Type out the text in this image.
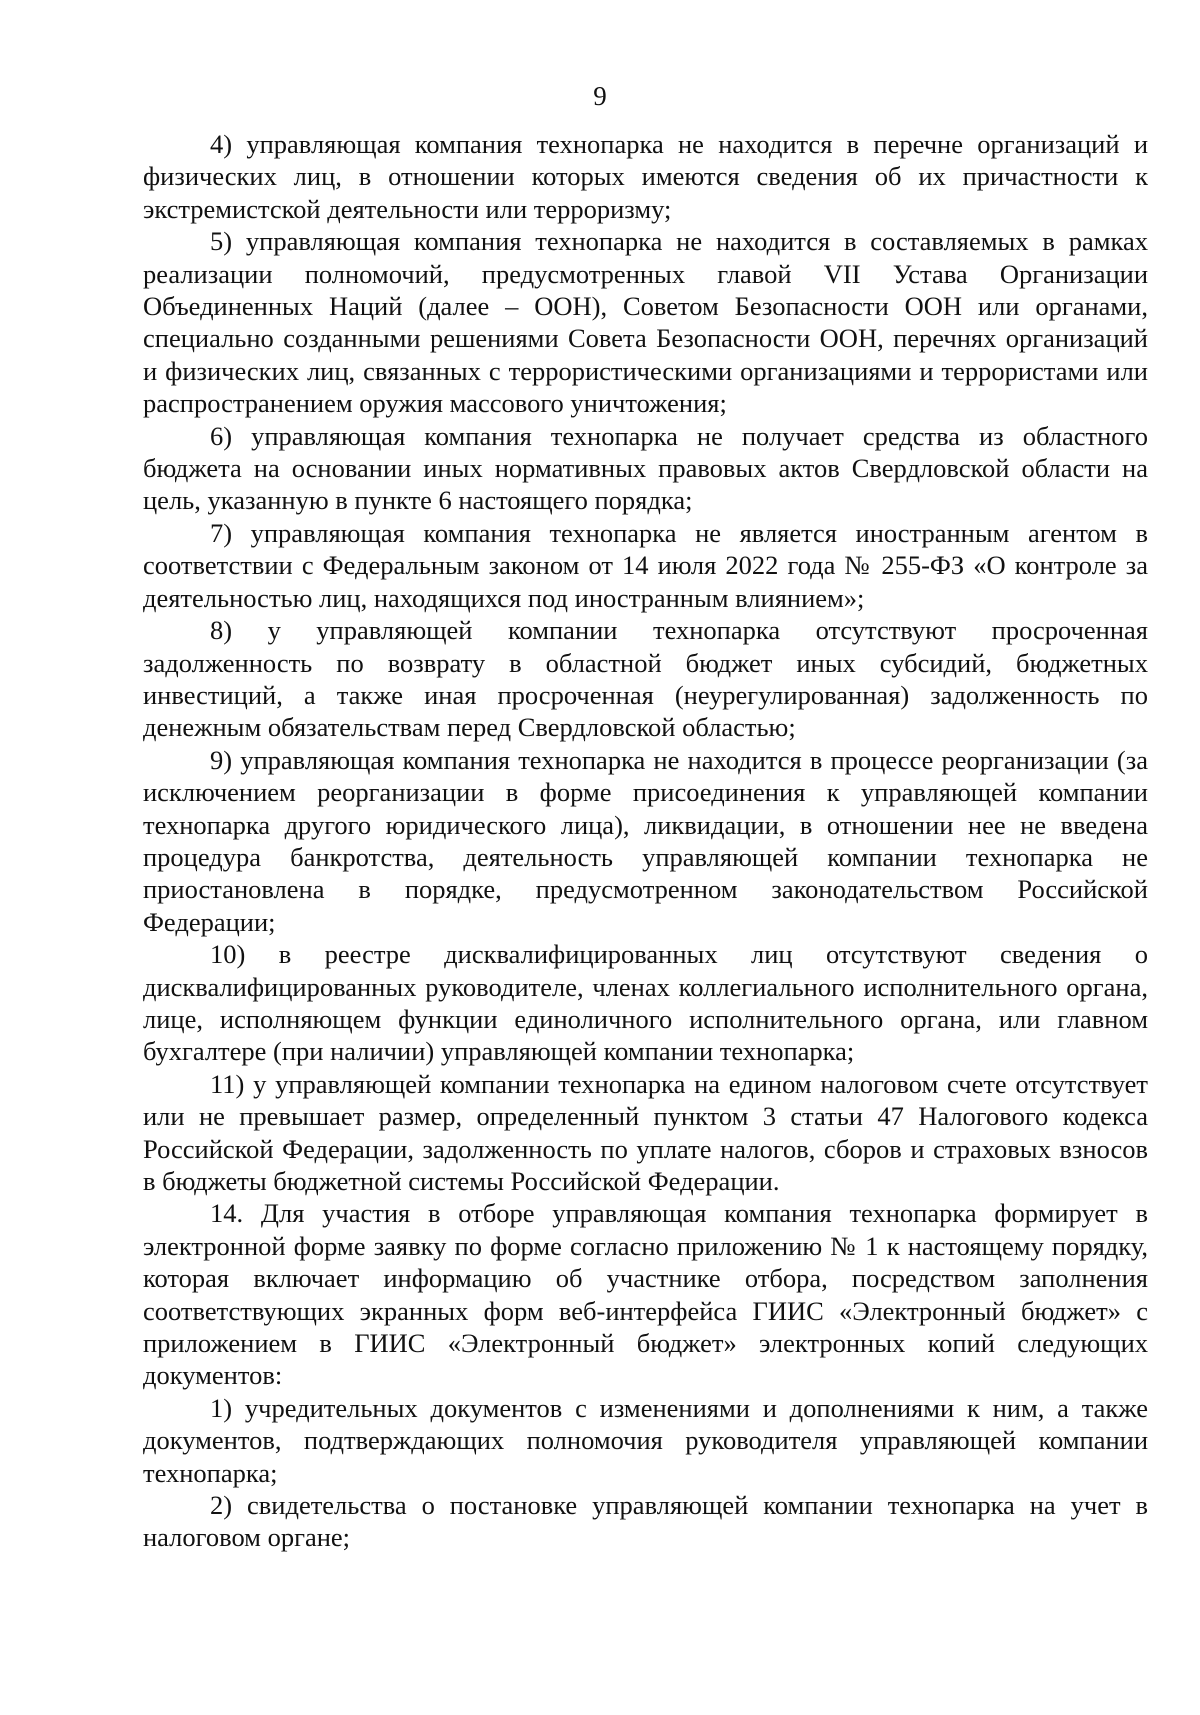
9

4) управляющая компания технопарка не находится в перечне организаций и физических лиц, в отношении которых имеются сведения об их причастности к экстремистской деятельности или терроризму;

5) управляющая компания технопарка не находится в составляемых в рамках реализации полномочий, предусмотренных главой VII Устава Организации Объединенных Наций (далее – ООН), Советом Безопасности ООН или органами, специально созданными решениями Совета Безопасности ООН, перечнях организаций и физических лиц, связанных с террористическими организациями и террористами или распространением оружия массового уничтожения;

6) управляющая компания технопарка не получает средства из областного бюджета на основании иных нормативных правовых актов Свердловской области на цель, указанную в пункте 6 настоящего порядка;

7) управляющая компания технопарка не является иностранным агентом в соответствии с Федеральным законом от 14 июля 2022 года № 255-ФЗ «О контроле за деятельностью лиц, находящихся под иностранным влиянием»;

8) у управляющей компании технопарка отсутствуют просроченная задолженность по возврату в областной бюджет иных субсидий, бюджетных инвестиций, а также иная просроченная (неурегулированная) задолженность по денежным обязательствам перед Свердловской областью;

9) управляющая компания технопарка не находится в процессе реорганизации (за исключением реорганизации в форме присоединения к управляющей компании технопарка другого юридического лица), ликвидации, в отношении нее не введена процедура банкротства, деятельность управляющей компании технопарка не приостановлена в порядке, предусмотренном законодательством Российской Федерации;

10) в реестре дисквалифицированных лиц отсутствуют сведения о дисквалифицированных руководителе, членах коллегиального исполнительного органа, лице, исполняющем функции единоличного исполнительного органа, или главном бухгалтере (при наличии) управляющей компании технопарка;

11) у управляющей компании технопарка на едином налоговом счете отсутствует или не превышает размер, определенный пунктом 3 статьи 47 Налогового кодекса Российской Федерации, задолженность по уплате налогов, сборов и страховых взносов в бюджеты бюджетной системы Российской Федерации.

14. Для участия в отборе управляющая компания технопарка формирует в электронной форме заявку по форме согласно приложению № 1 к настоящему порядку, которая включает информацию об участнике отбора, посредством заполнения соответствующих экранных форм веб-интерфейса ГИИС «Электронный бюджет» с приложением в ГИИС «Электронный бюджет» электронных копий следующих документов:

1) учредительных документов с изменениями и дополнениями к ним, а также документов, подтверждающих полномочия руководителя управляющей компании технопарка;

2) свидетельства о постановке управляющей компании технопарка на учет в налоговом органе;
